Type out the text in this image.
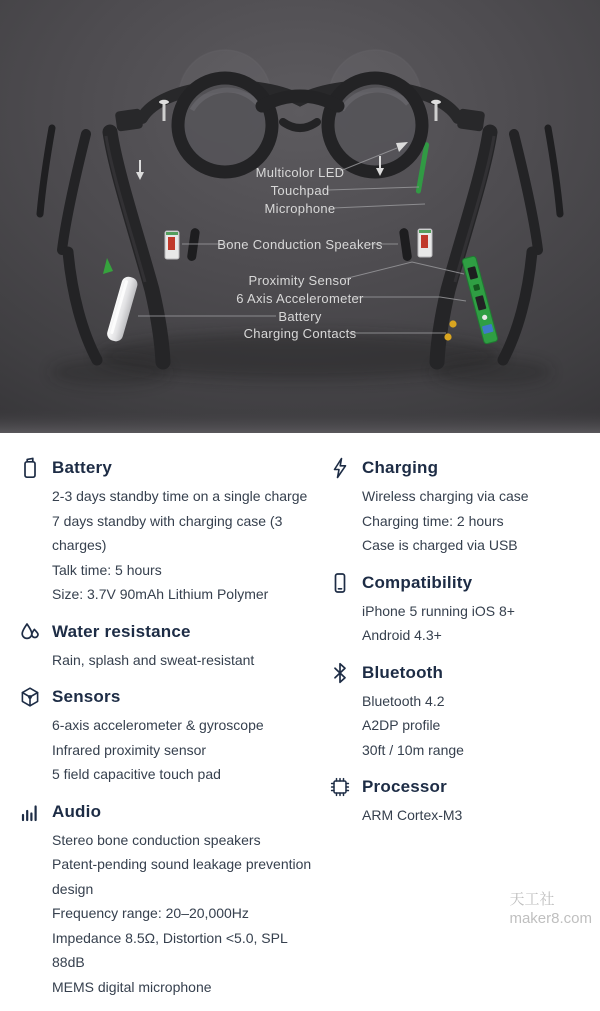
Multicolor LED
Touchpad
Microphone
Bone Conduction Speakers
Proximity Sensor
6 Axis Accelerometer
Battery
Charging Contacts
Battery

2-3 days standby time on a single charge

7 days standby with charging case (3 charges)

Talk time: 5 hours

Size: 3.7V 90mAh Lithium Polymer

Water resistance

Rain, splash and sweat-resistant

Sensors

6-axis accelerometer & gyroscope

Infrared proximity sensor

5 field capacitive touch pad

Audio

Stereo bone conduction speakers

Patent-pending sound leakage prevention design

Frequency range: 20–20,000Hz

Impedance 8.5Ω, Distortion <5.0, SPL 88dB

MEMS digital microphone

Charging

Wireless charging via case

Charging time: 2 hours

Case is charged via USB

Compatibility

iPhone 5 running iOS 8+

Android 4.3+

Bluetooth

Bluetooth 4.2

A2DP profile

30ft / 10m range

Processor

ARM Cortex-M3

天工社
maker8.com
